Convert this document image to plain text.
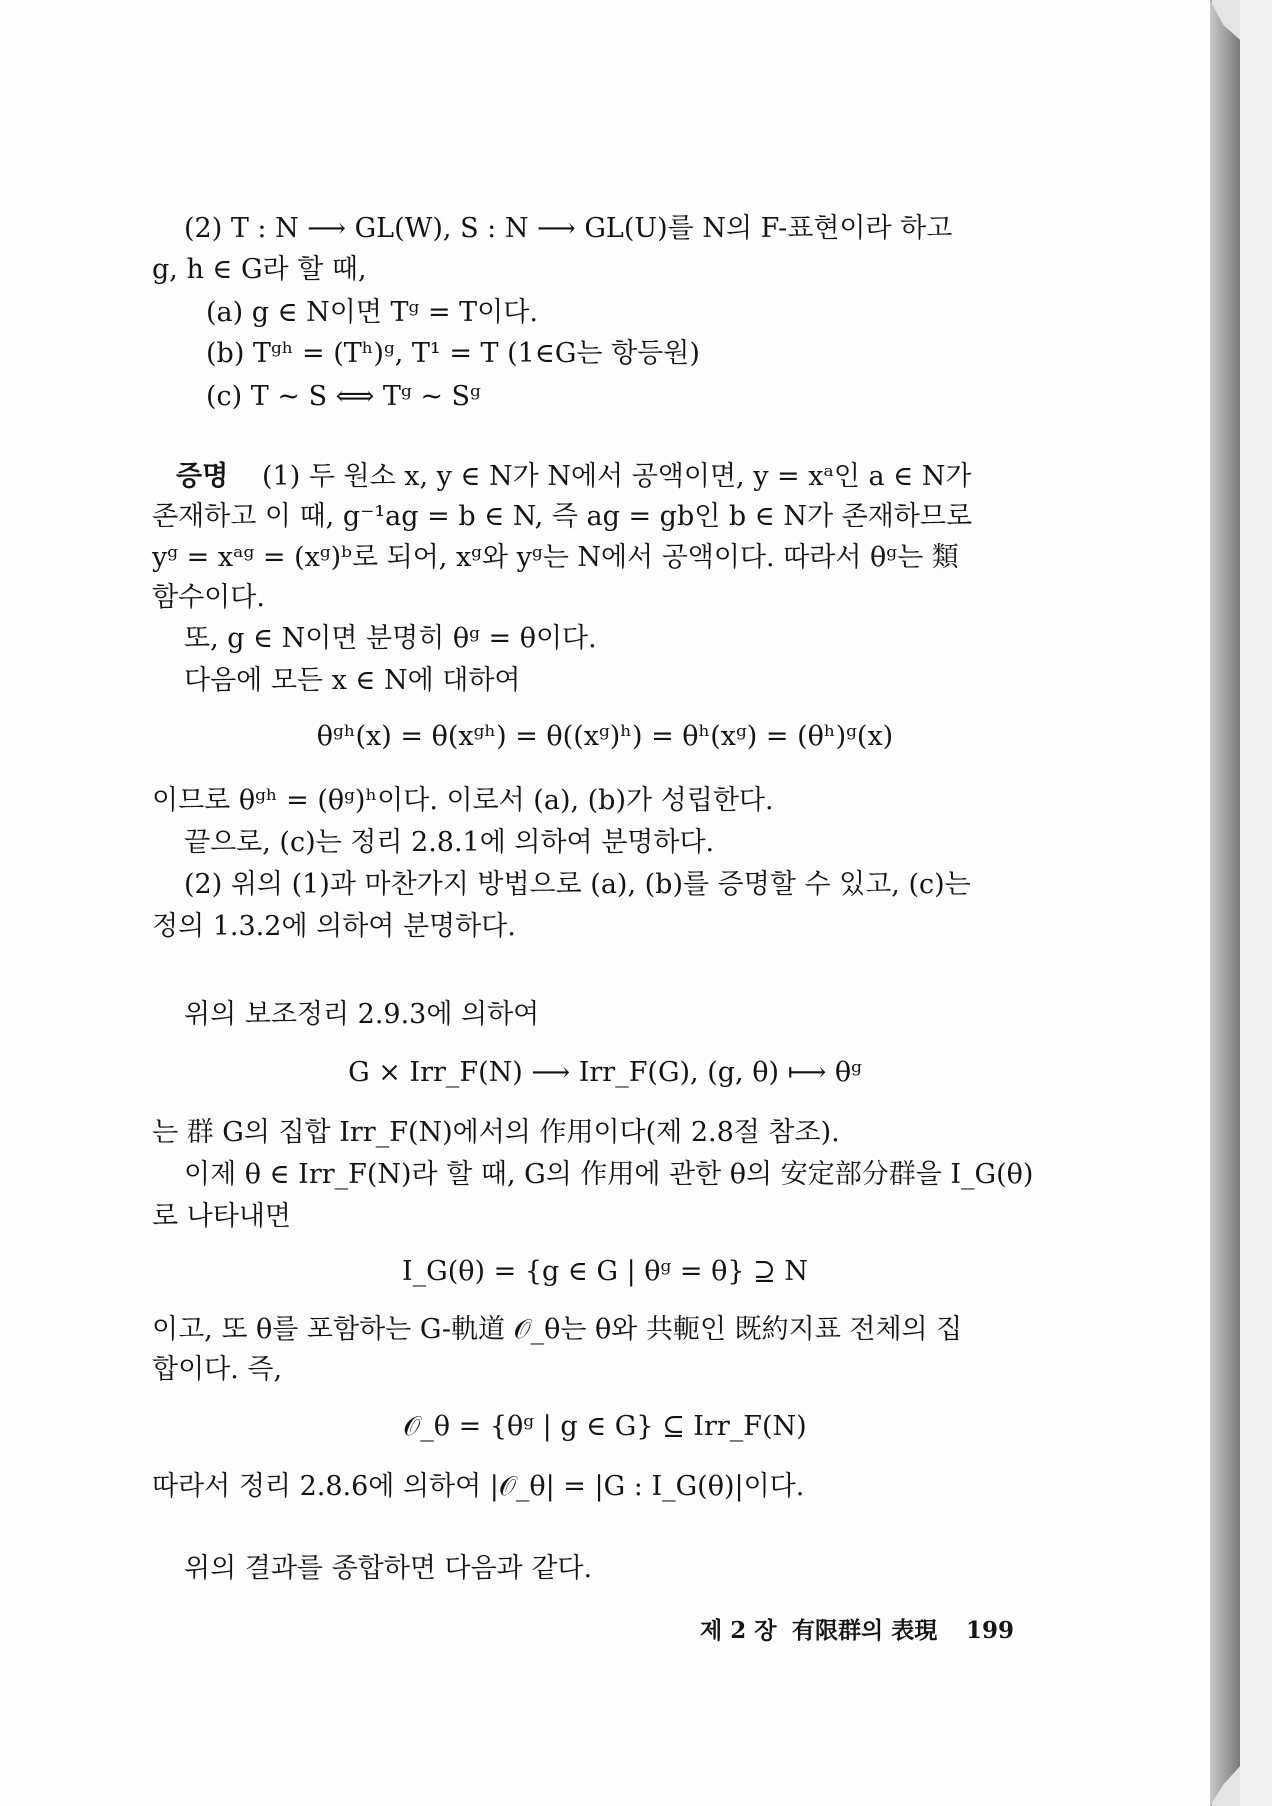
(2) T : N ⟶ GL(W), S : N ⟶ GL(U)를 N의 F-표현이라 하고
g, h ∈ G라 할 때,
(a) g ∈ N이면 Tᵍ = T이다.
(b) Tᵍʰ = (Tʰ)ᵍ, T¹ = T (1∈G는 항등원)
(c) T ~ S ⟺ Tᵍ ~ Sᵍ
증명 (1) 두 원소 x, y ∈ N가 N에서 공액이면, y = xᵃ인 a ∈ N가
존재하고 이 때, g⁻¹ag = b ∈ N, 즉 ag = gb인 b ∈ N가 존재하므로
yᵍ = xᵃᵍ = (xᵍ)ᵇ로 되어, xᵍ와 yᵍ는 N에서 공액이다. 따라서 θᵍ는 類
함수이다.
또, g ∈ N이면 분명히 θᵍ = θ이다.
다음에 모든 x ∈ N에 대하여
θᵍʰ(x) = θ(xᵍʰ) = θ((xᵍ)ʰ) = θʰ(xᵍ) = (θʰ)ᵍ(x)
이므로 θᵍʰ = (θᵍ)ʰ이다. 이로서 (a), (b)가 성립한다.
끝으로, (c)는 정리 2.8.1에 의하여 분명하다.
(2) 위의 (1)과 마찬가지 방법으로 (a), (b)를 증명할 수 있고, (c)는
정의 1.3.2에 의하여 분명하다.
위의 보조정리 2.9.3에 의하여
G × Irr_F(N) ⟶ Irr_F(G), (g, θ) ⟼ θᵍ
는 群 G의 집합 Irr_F(N)에서의 作用이다(제 2.8절 참조).
이제 θ ∈ Irr_F(N)라 할 때, G의 作用에 관한 θ의 安定部分群을 I_G(θ)
로 나타내면
I_G(θ) = {g ∈ G | θᵍ = θ} ⊇ N
이고, 또 θ를 포함하는 G-軌道 𝒪_θ는 θ와 共軛인 既約지표 전체의 집
합이다. 즉,
𝒪_θ = {θᵍ | g ∈ G} ⊆ Irr_F(N)
따라서 정리 2.8.6에 의하여 |𝒪_θ| = |G : I_G(θ)|이다.
위의 결과를 종합하면 다음과 같다.
제 2 장 有限群의 表現 199
